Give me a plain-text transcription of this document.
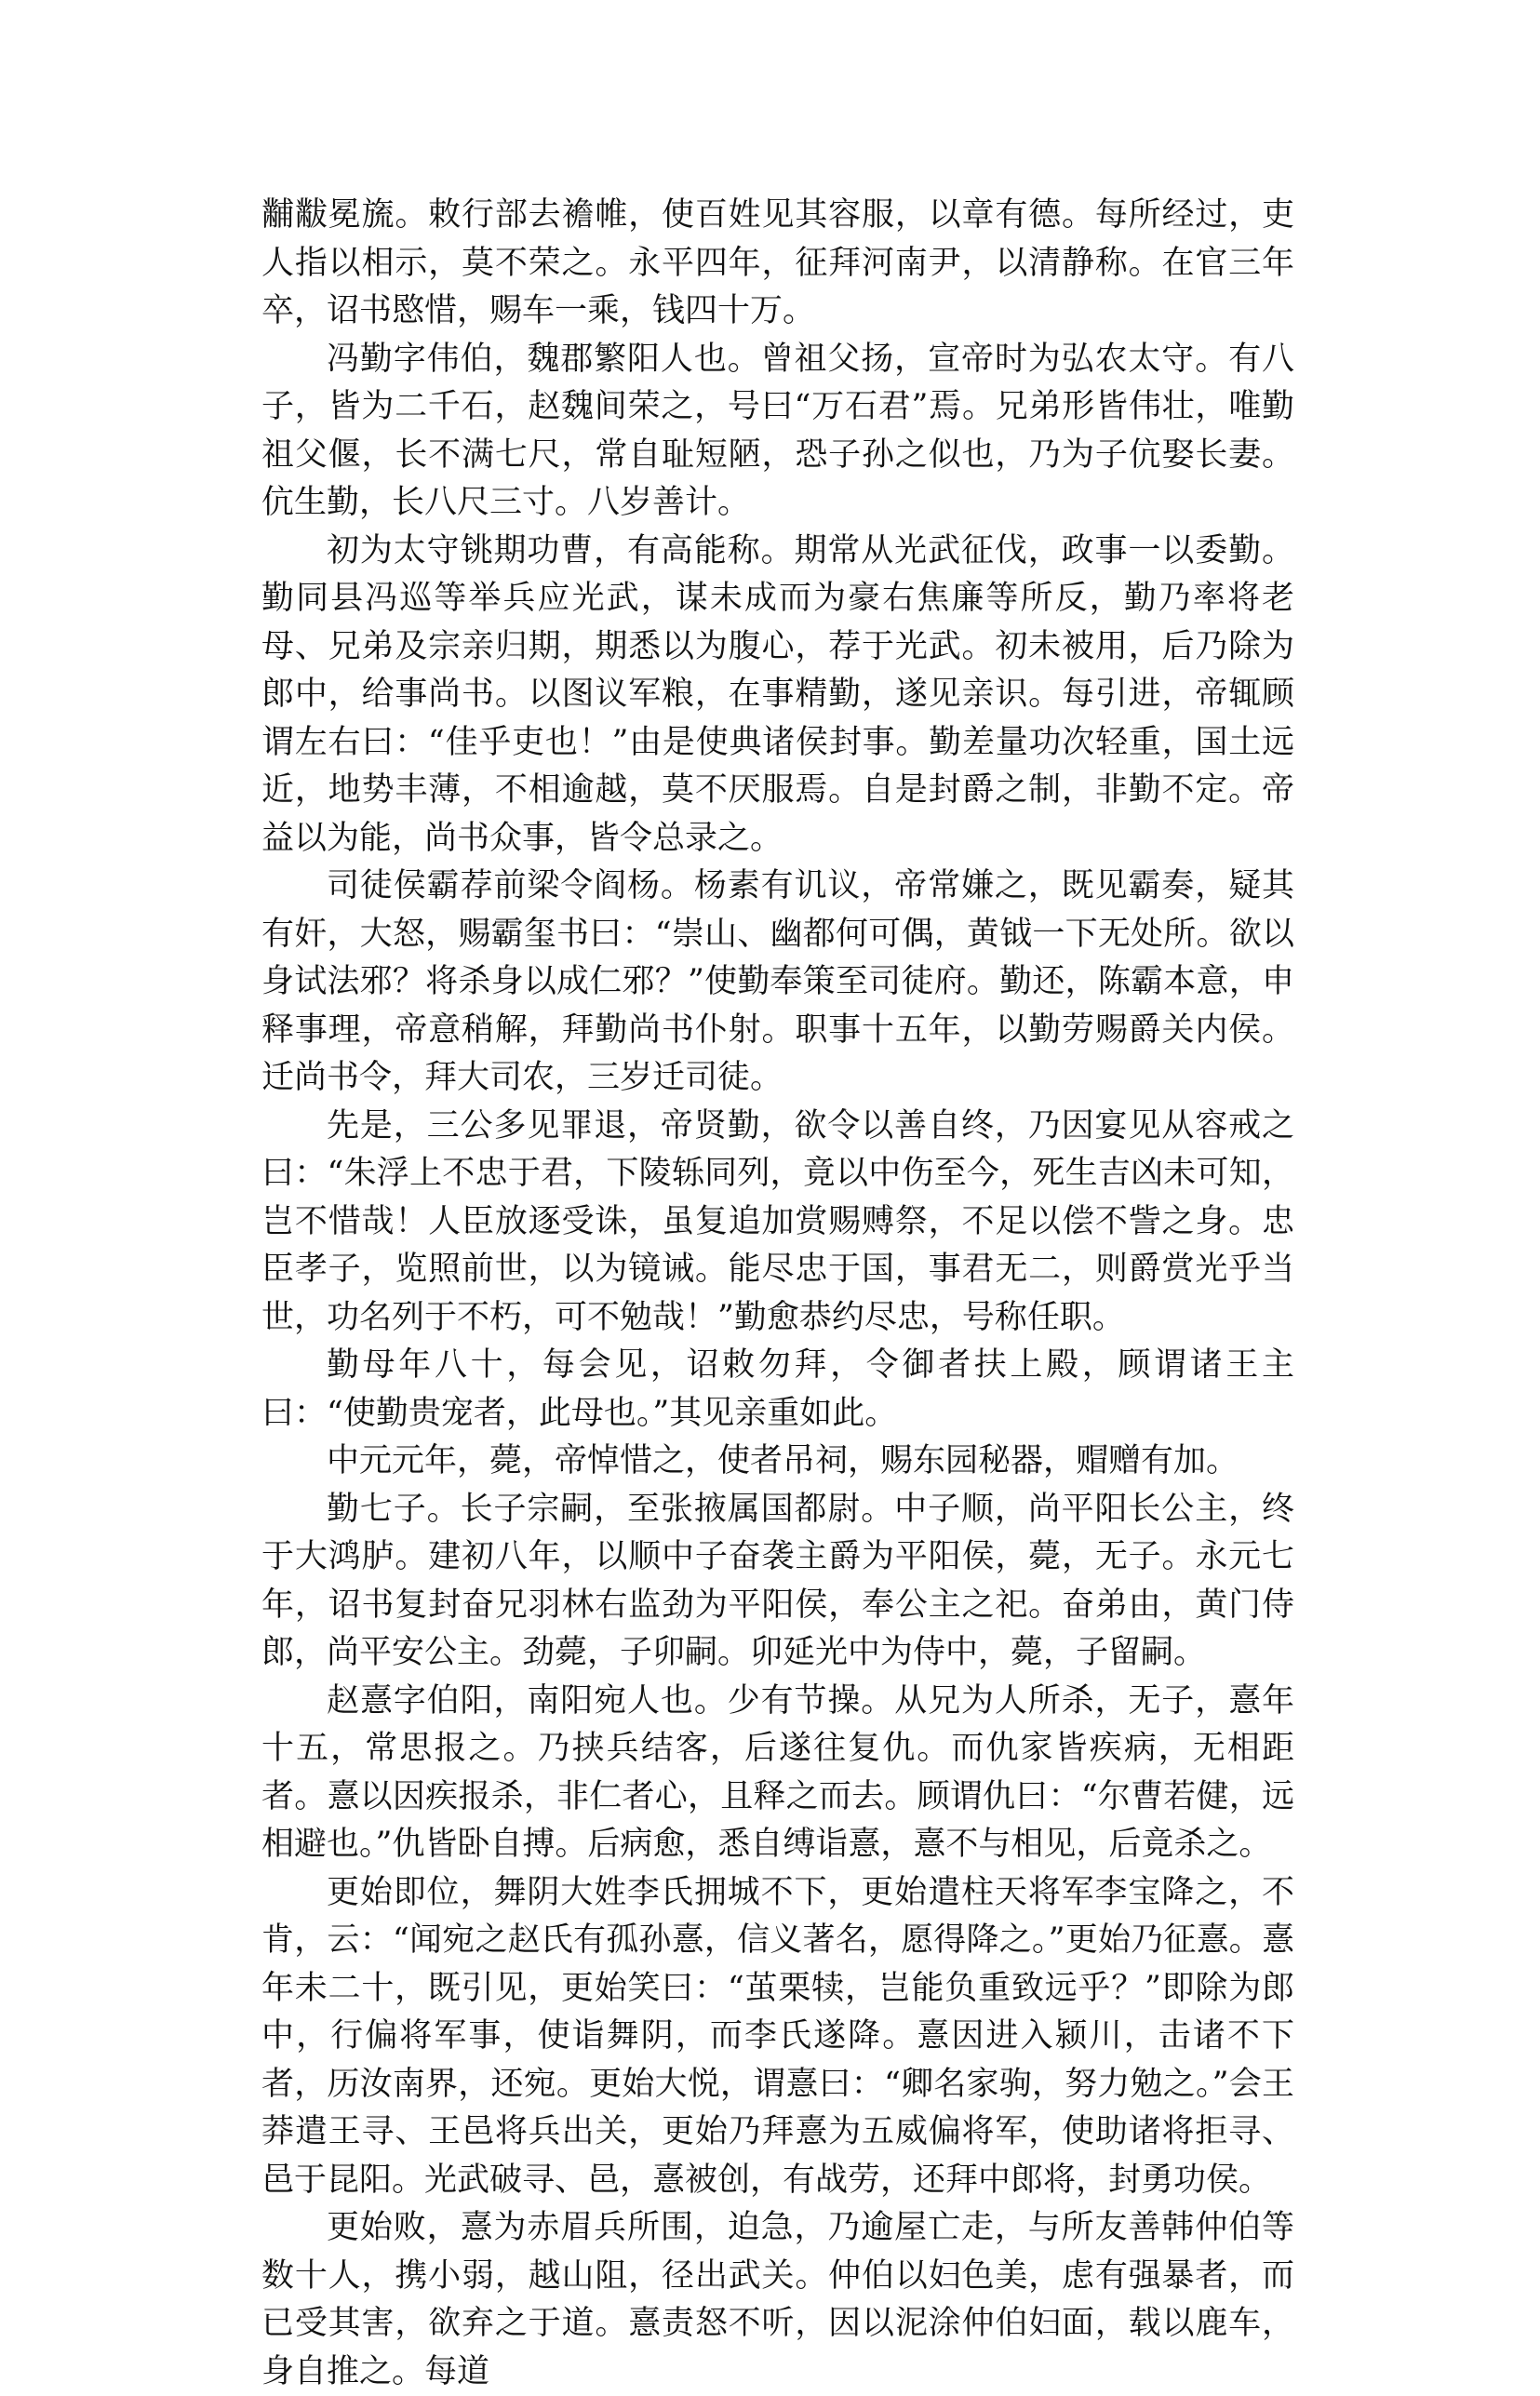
黼黻冕旒。敕行部去襜帷，使百姓见其容服，以章有德。每所经过，吏人指以相示，莫不荣之。永平四年，征拜河南尹，以清静称。在官三年卒，诏书愍惜，赐车一乘，钱四十万。

冯勤字伟伯，魏郡繁阳人也。曾祖父扬，宣帝时为弘农太守。有八子，皆为二千石，赵魏间荣之，号曰“万石君”焉。兄弟形皆伟壮，唯勤祖父偃，长不满七尺，常自耻短陋，恐子孙之似也，乃为子伉娶长妻。伉生勤，长八尺三寸。八岁善计。

初为太守铫期功曹，有高能称。期常从光武征伐，政事一以委勤。勤同县冯巡等举兵应光武，谋未成而为豪右焦廉等所反，勤乃率将老母、兄弟及宗亲归期，期悉以为腹心，荐于光武。初未被用，后乃除为郎中，给事尚书。以图议军粮，在事精勤，遂见亲识。每引进，帝辄顾谓左右曰：“佳乎吏也！”由是使典诸侯封事。勤差量功次轻重，国土远近，地势丰薄，不相逾越，莫不厌服焉。自是封爵之制，非勤不定。帝益以为能，尚书众事，皆令总录之。

司徒侯霸荐前梁令阎杨。杨素有讥议，帝常嫌之，既见霸奏，疑其有奸，大怒，赐霸玺书曰：“崇山、幽都何可偶，黄钺一下无处所。欲以身试法邪？将杀身以成仁邪？”使勤奉策至司徒府。勤还，陈霸本意，申释事理，帝意稍解，拜勤尚书仆射。职事十五年，以勤劳赐爵关内侯。迁尚书令，拜大司农，三岁迁司徒。

先是，三公多见罪退，帝贤勤，欲令以善自终，乃因宴见从容戒之曰：“朱浮上不忠于君，下陵轹同列，竟以中伤至今，死生吉凶未可知，岂不惜哉！人臣放逐受诛，虽复追加赏赐赙祭，不足以偿不訾之身。忠臣孝子，览照前世，以为镜诫。能尽忠于国，事君无二，则爵赏光乎当世，功名列于不朽，可不勉哉！”勤愈恭约尽忠，号称任职。

勤母年八十，每会见，诏敕勿拜，令御者扶上殿，顾谓诸王主曰：“使勤贵宠者，此母也。”其见亲重如此。

中元元年，薨，帝悼惜之，使者吊祠，赐东园秘器，赗赠有加。

勤七子。长子宗嗣，至张掖属国都尉。中子顺，尚平阳长公主，终于大鸿胪。建初八年，以顺中子奋袭主爵为平阳侯，薨，无子。永元七年，诏书复封奋兄羽林右监劲为平阳侯，奉公主之祀。奋弟由，黄门侍郎，尚平安公主。劲薨，子卯嗣。卯延光中为侍中，薨，子留嗣。

赵憙字伯阳，南阳宛人也。少有节操。从兄为人所杀，无子，憙年十五，常思报之。乃挟兵结客，后遂往复仇。而仇家皆疾病，无相距者。憙以因疾报杀，非仁者心，且释之而去。顾谓仇曰：“尔曹若健，远相避也。”仇皆卧自搏。后病愈，悉自缚诣憙，憙不与相见，后竟杀之。

更始即位，舞阴大姓李氏拥城不下，更始遣柱天将军李宝降之，不肯，云：“闻宛之赵氏有孤孙憙，信义著名，愿得降之。”更始乃征憙。憙年未二十，既引见，更始笑曰：“茧栗犊，岂能负重致远乎？”即除为郎中，行偏将军事，使诣舞阴，而李氏遂降。憙因进入颍川，击诸不下者，历汝南界，还宛。更始大悦，谓憙曰：“卿名家驹，努力勉之。”会王莽遣王寻、王邑将兵出关，更始乃拜憙为五威偏将军，使助诸将拒寻、邑于昆阳。光武破寻、邑，憙被创，有战劳，还拜中郎将，封勇功侯。

更始败，憙为赤眉兵所围，迫急，乃逾屋亡走，与所友善韩仲伯等数十人，携小弱，越山阻，径出武关。仲伯以妇色美，虑有强暴者，而已受其害，欲弃之于道。憙责怒不听，因以泥涂仲伯妇面，载以鹿车，身自推之。每道
